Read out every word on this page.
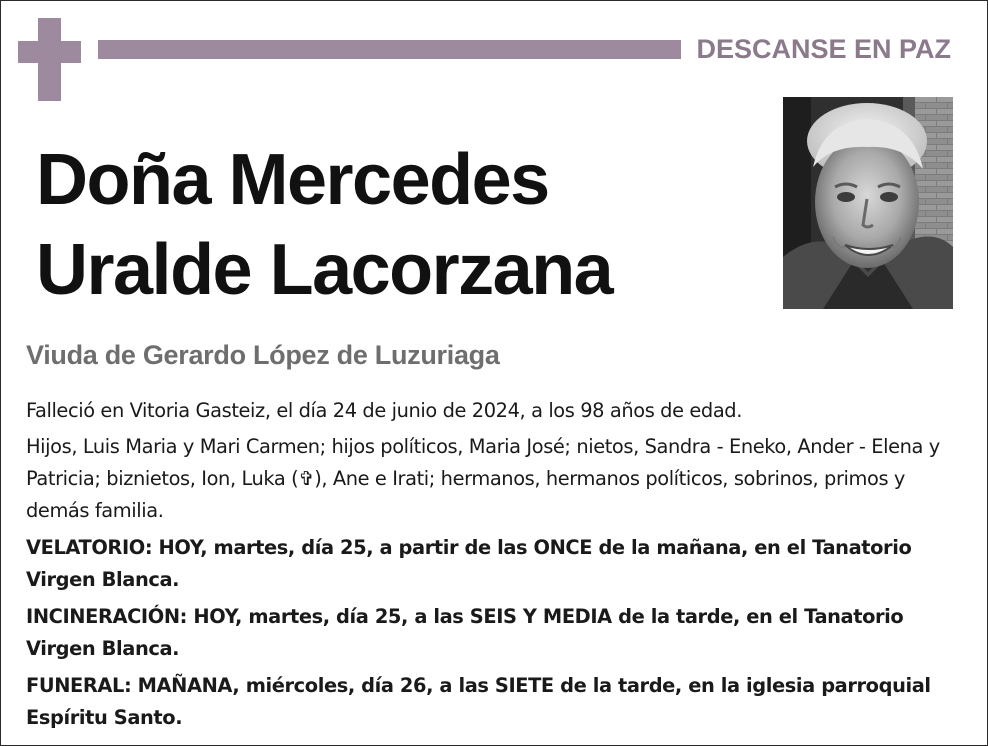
DESCANSE EN PAZ
Doña Mercedes
Uralde Lacorzana
Viuda de Gerardo López de Luzuriaga

Falleció en Vitoria Gasteiz, el día 24 de junio de 2024, a los 98 años de edad.

Hijos, Luis Maria y Mari Carmen; hijos políticos, Maria José; nietos, Sandra - Eneko, Ander - Elena y Patricia; biznietos, Ion, Luka (✞), Ane e Irati; hermanos, hermanos políticos, sobrinos, primos y demás familia.

VELATORIO: HOY, martes, día 25, a partir de las ONCE de la mañana, en el Tanatorio Virgen Blanca.

INCINERACIÓN: HOY, martes, día 25, a las SEIS Y MEDIA de la tarde, en el Tanatorio Virgen Blanca.

FUNERAL: MAÑANA, miércoles, día 26, a las SIETE de la tarde, en la iglesia parroquial Espíritu Santo.
